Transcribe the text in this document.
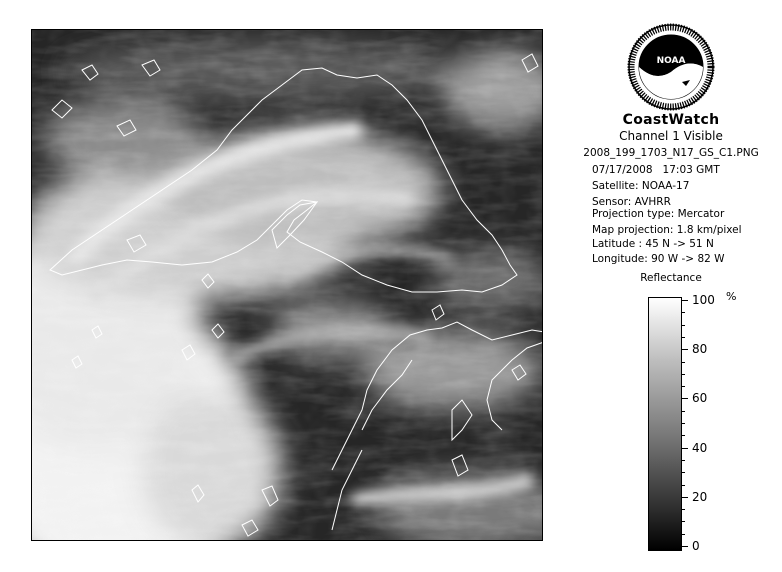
NOAA
CoastWatch
Channel 1 Visible
2008_199_1703_N17_GS_C1.PNG
07/17/2008 17:03 GMT
Satellite: NOAA-17
Sensor: AVHRR
Projection type: Mercator
Map projection: 1.8 km/pixel
Latitude : 45 N -> 51 N
Longitude: 90 W -> 82 W
Reflectance
%
100
80
60
40
20
0
